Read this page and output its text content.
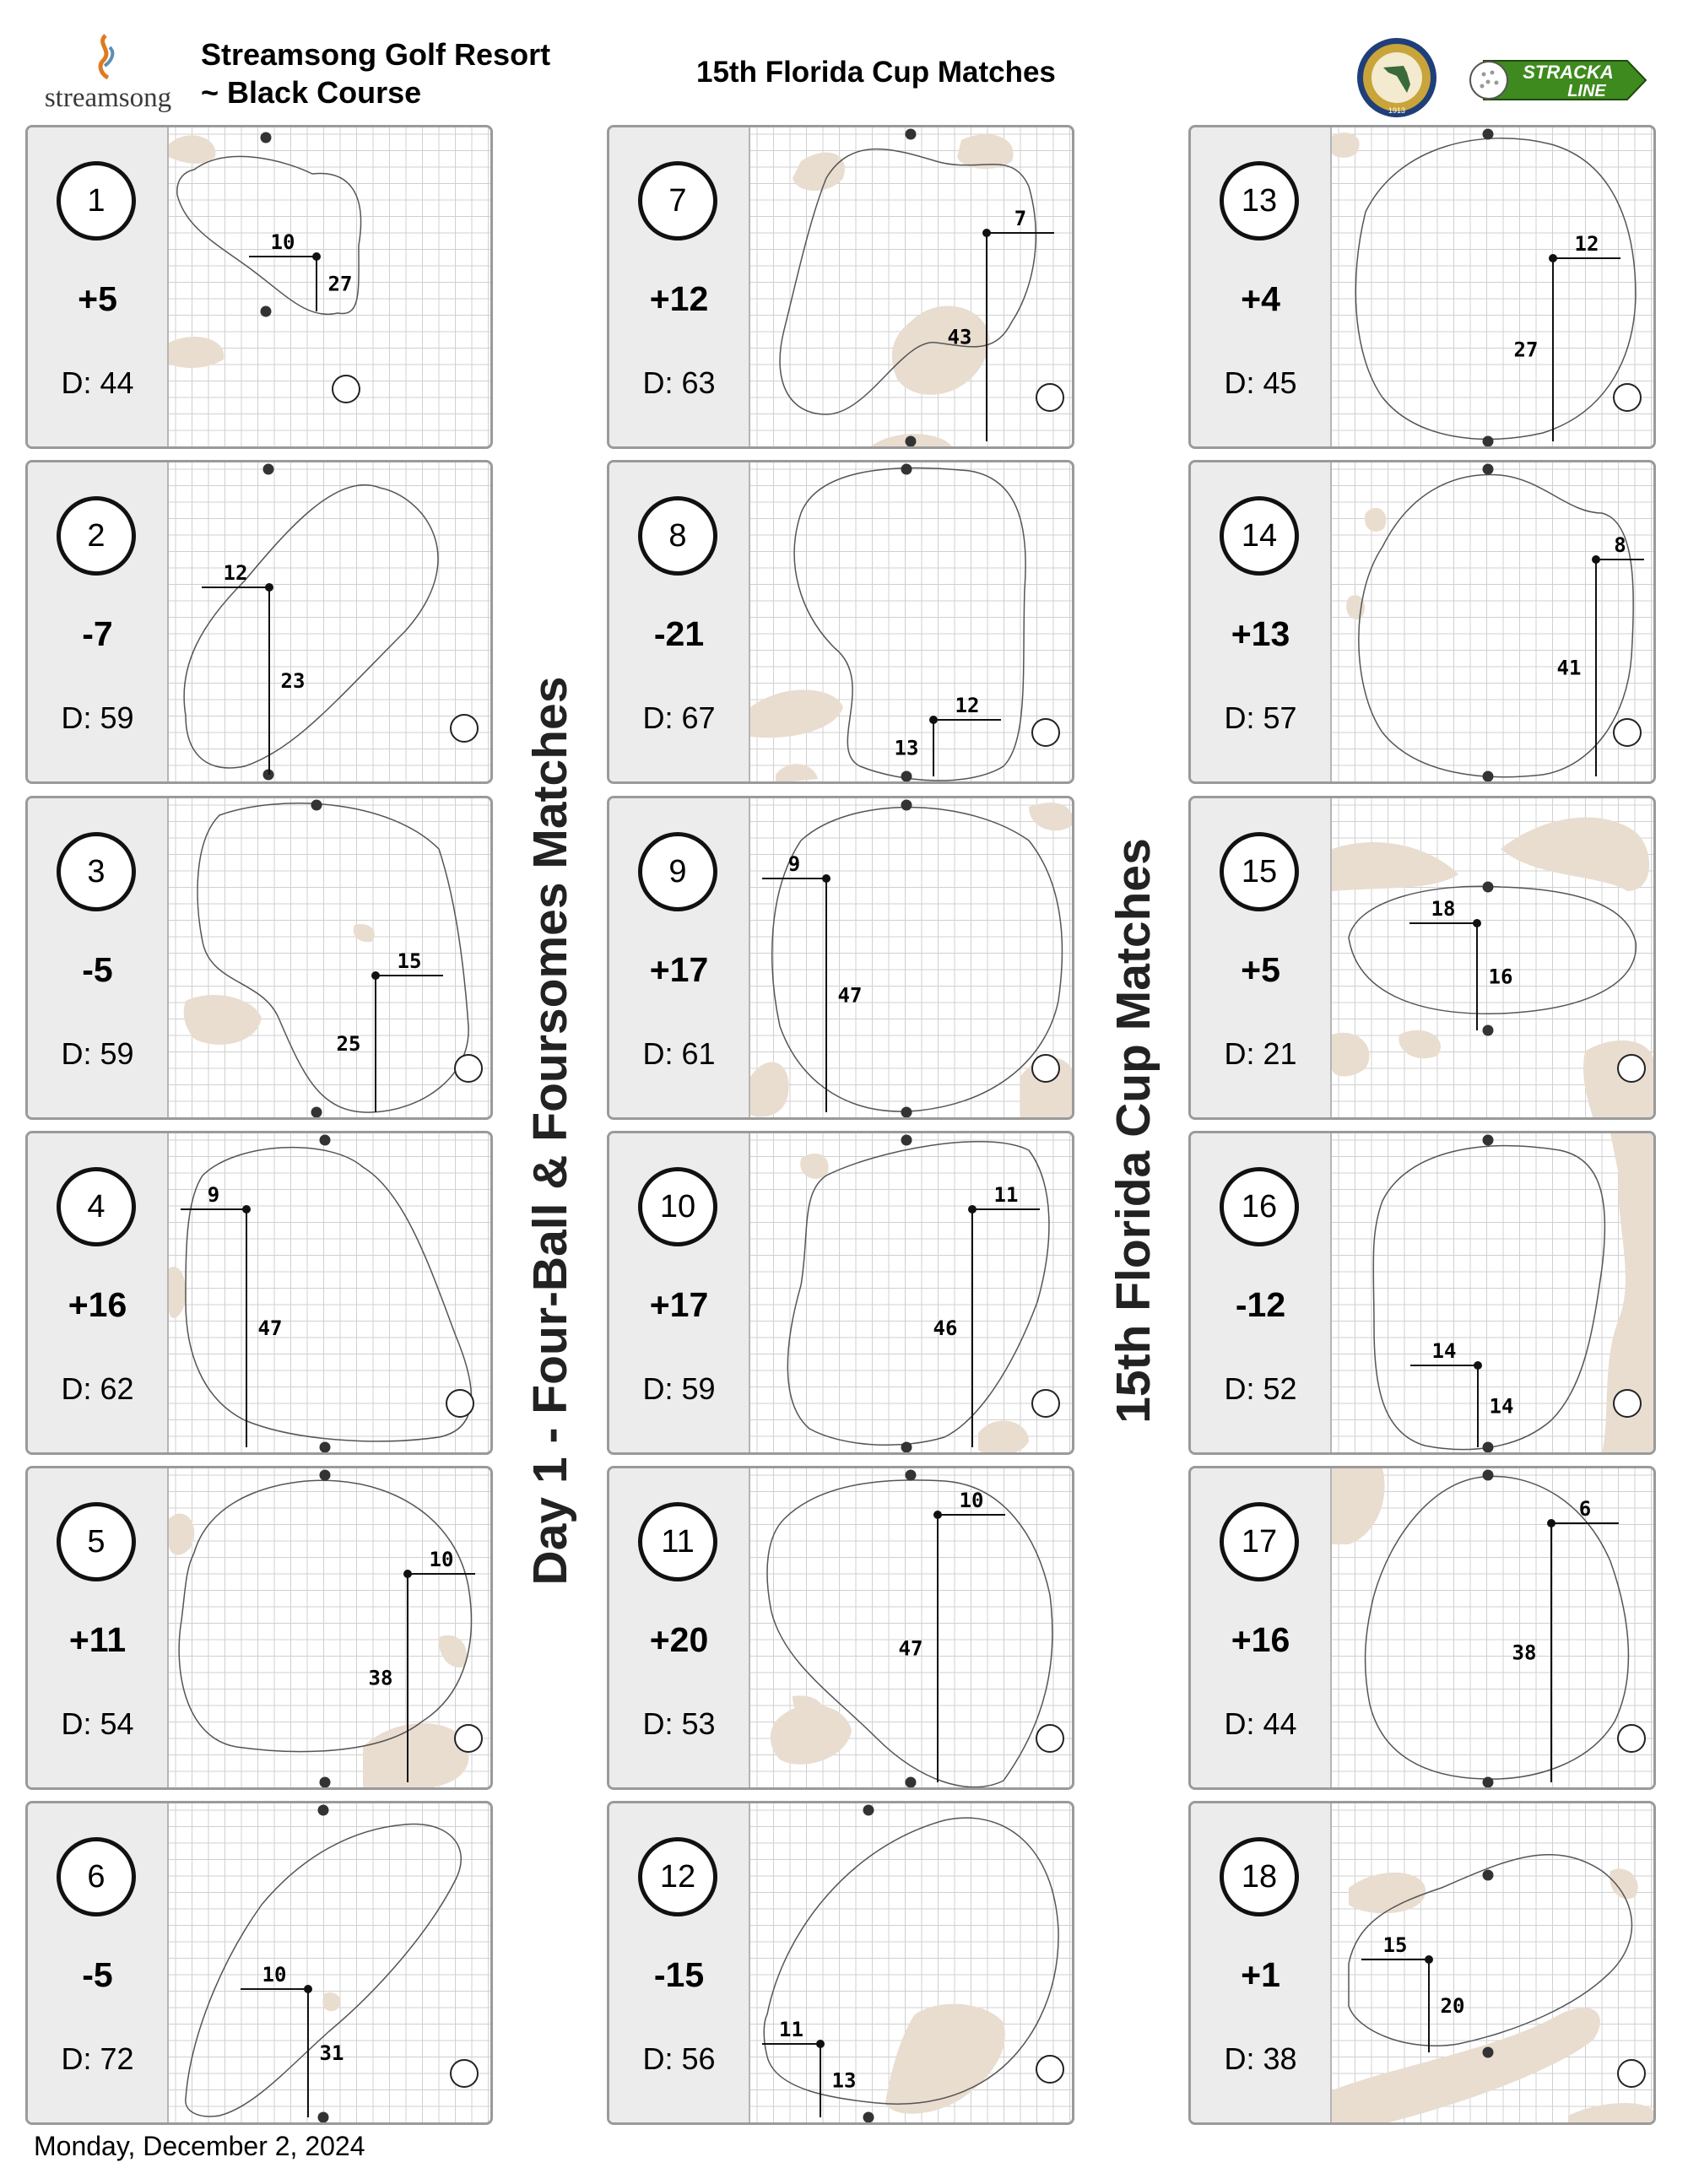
streamsong
Streamsong Golf Resort
~ Black Course
15th Florida Cup Matches
1913
STRACKA
LINE
Day 1 - Four-Ball & Foursomes Matches	15th Florida Cup Matches
1
+5
D: 44
10
27
2
-7
D: 59
12
23
3
-5
D: 59
15
25
4
+16
D: 62
9
47
5
+11
D: 54
10
38
6
-5
D: 72
10
31
7
+12
D: 63
7
43
8
-21
D: 67	12
13
9
+17
D: 61
9
47
10
+17
D: 59
11
46
11
+20
D: 53
10
47
12
-15
D: 56
11
13
13
+4
D: 45
12
27
14
+13
D: 57
8
41
15
+5
D: 21
18
16
16
-12
D: 52
14
14
17
+16
D: 44
6
38
18
+1
D: 38
15
20
Monday, December 2, 2024
